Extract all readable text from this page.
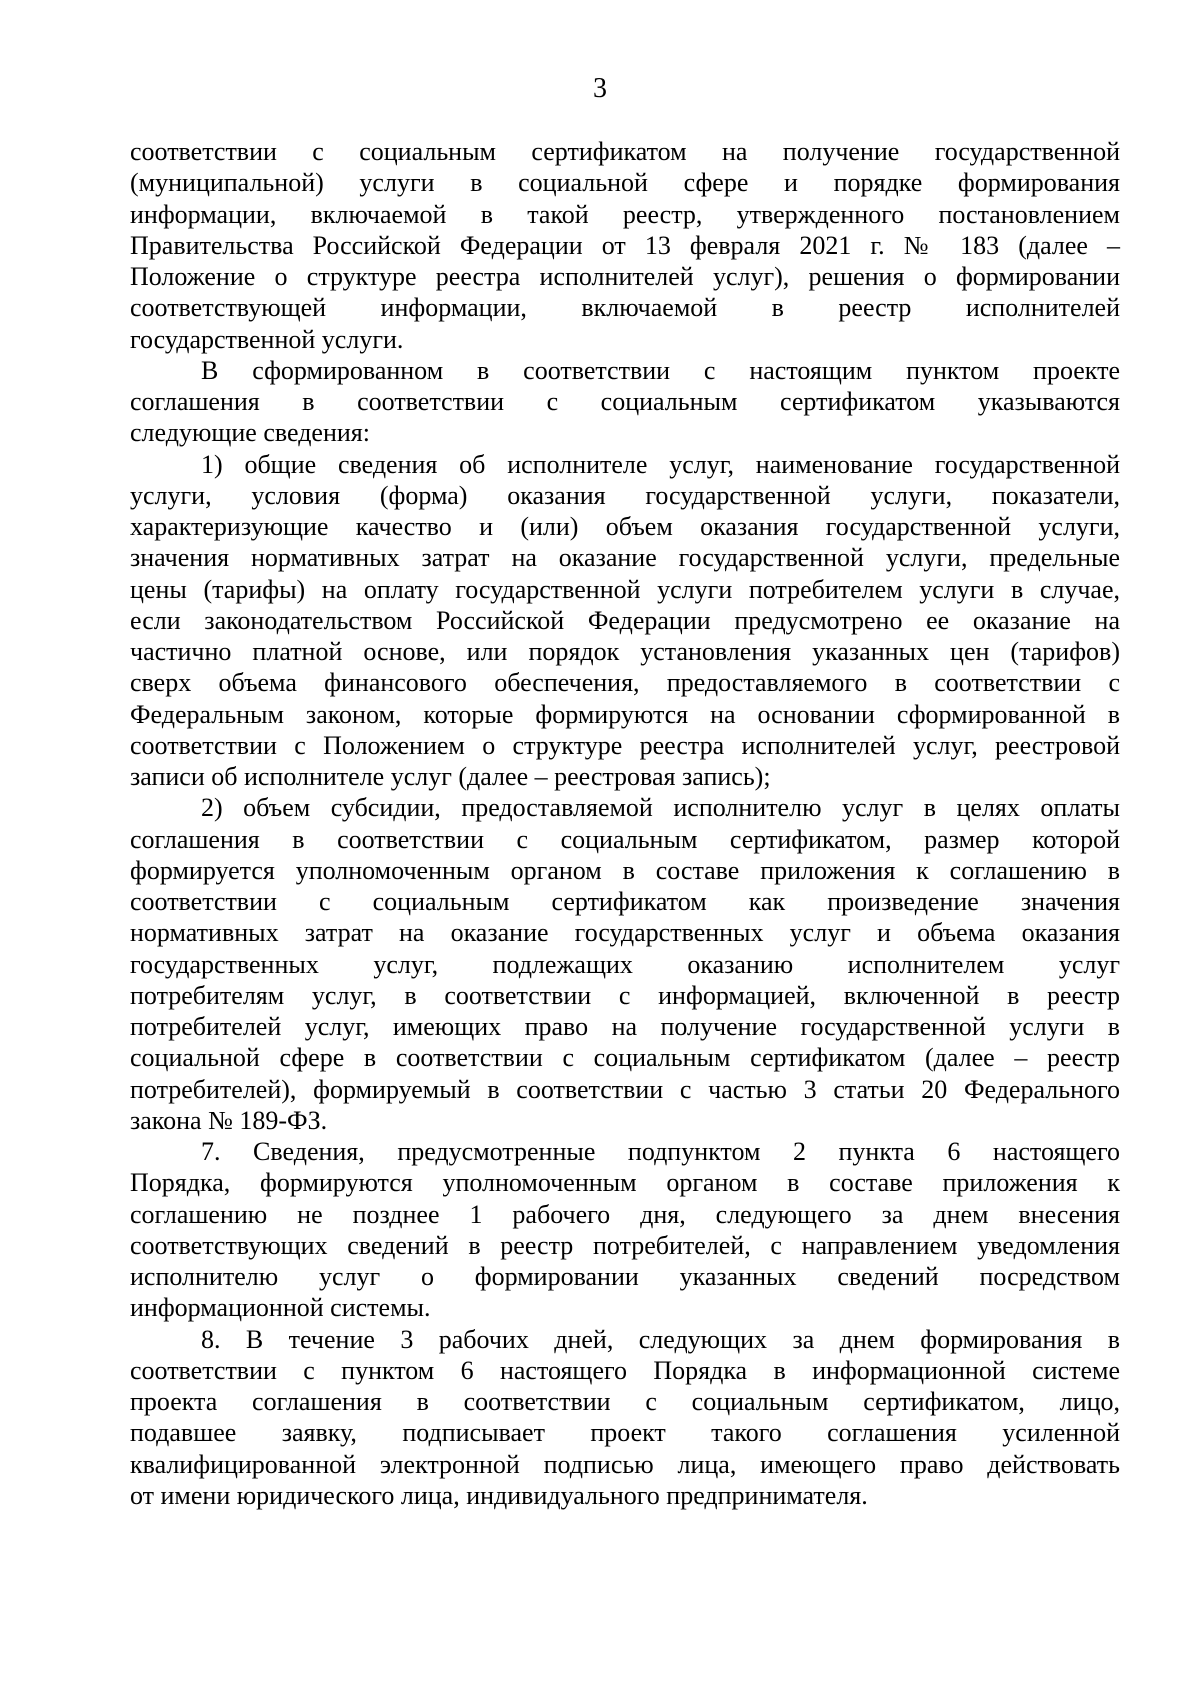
3
соответствии с социальным сертификатом на получение государственной
(муниципальной) услуги в социальной сфере и порядке формирования
информации, включаемой в такой реестр, утвержденного постановлением
Правительства Российской Федерации от 13 февраля 2021 г. № 183 (далее –
Положение о структуре реестра исполнителей услуг), решения о формировании
соответствующей информации, включаемой в реестр исполнителей
государственной услуги.
В сформированном в соответствии с настоящим пунктом проекте
соглашения в соответствии с социальным сертификатом указываются
следующие сведения:
1) общие сведения об исполнителе услуг, наименование государственной
услуги, условия (форма) оказания государственной услуги, показатели,
характеризующие качество и (или) объем оказания государственной услуги,
значения нормативных затрат на оказание государственной услуги, предельные
цены (тарифы) на оплату государственной услуги потребителем услуги в случае,
если законодательством Российской Федерации предусмотрено ее оказание на
частично платной основе, или порядок установления указанных цен (тарифов)
сверх объема финансового обеспечения, предоставляемого в соответствии с
Федеральным законом, которые формируются на основании сформированной в
соответствии с Положением о структуре реестра исполнителей услуг, реестровой
записи об исполнителе услуг (далее – реестровая запись);
2) объем субсидии, предоставляемой исполнителю услуг в целях оплаты
соглашения в соответствии с социальным сертификатом, размер которой
формируется уполномоченным органом в составе приложения к соглашению в
соответствии с социальным сертификатом как произведение значения
нормативных затрат на оказание государственных услуг и объема оказания
государственных услуг, подлежащих оказанию исполнителем услуг
потребителям услуг, в соответствии с информацией, включенной в реестр
потребителей услуг, имеющих право на получение государственной услуги в
социальной сфере в соответствии с социальным сертификатом (далее – реестр
потребителей), формируемый в соответствии с частью 3 статьи 20 Федерального
закона № 189-ФЗ.
7. Сведения, предусмотренные подпунктом 2 пункта 6 настоящего
Порядка, формируются уполномоченным органом в составе приложения к
соглашению не позднее 1 рабочего дня, следующего за днем внесения
соответствующих сведений в реестр потребителей, с направлением уведомления
исполнителю услуг о формировании указанных сведений посредством
информационной системы.
8. В течение 3 рабочих дней, следующих за днем формирования в
соответствии с пунктом 6 настоящего Порядка в информационной системе
проекта соглашения в соответствии с социальным сертификатом, лицо,
подавшее заявку, подписывает проект такого соглашения усиленной
квалифицированной электронной подписью лица, имеющего право действовать
от имени юридического лица, индивидуального предпринимателя.
